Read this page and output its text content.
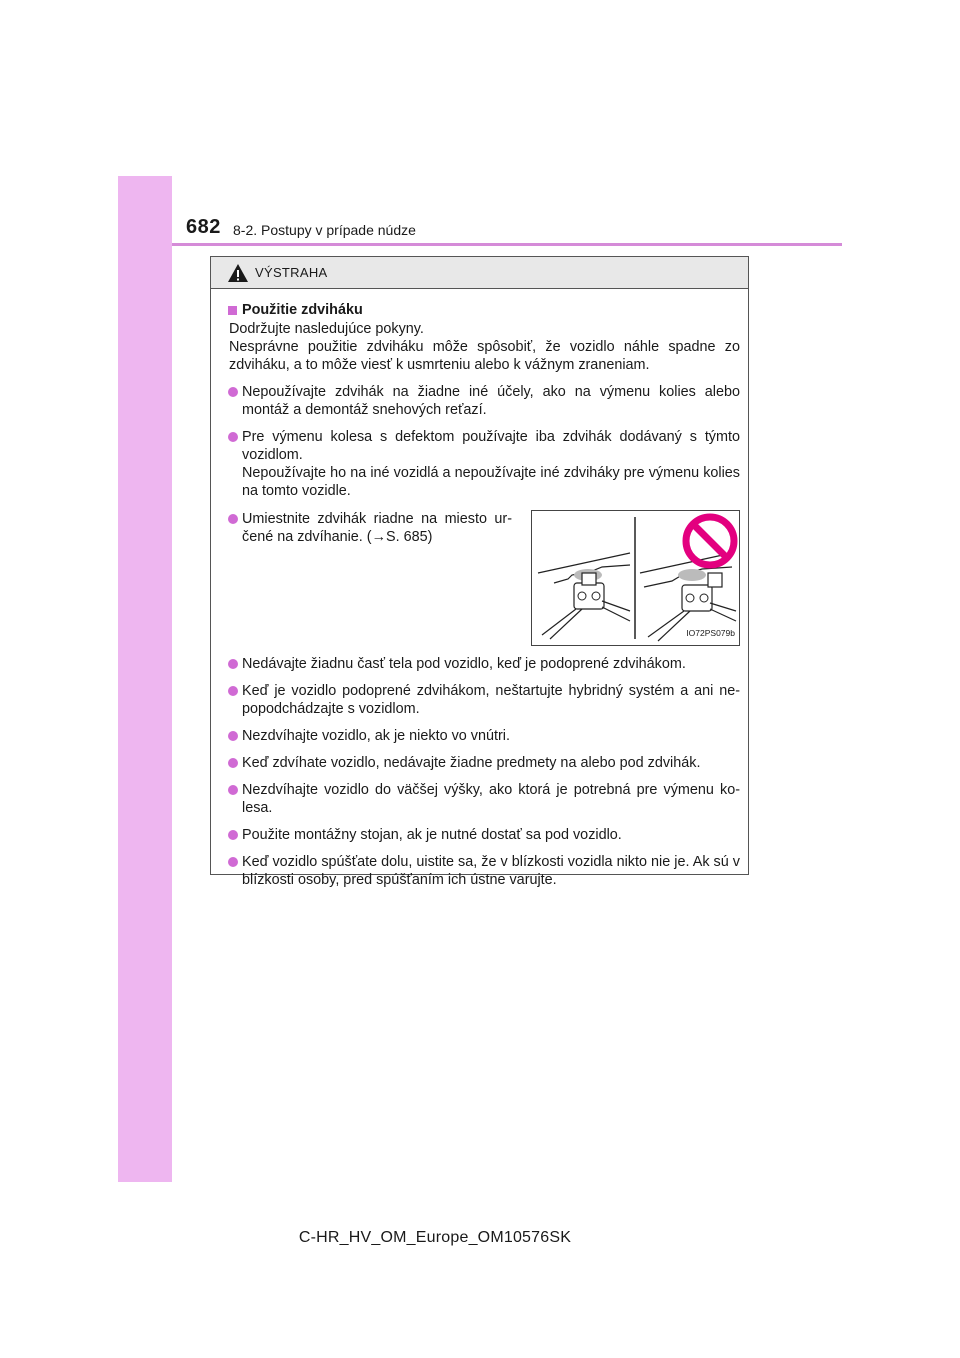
682 8-2. Postupy v prípade núdze
VÝSTRAHA
Použitie zdviháku
Dodržujte nasledujúce pokyny.
Nesprávne použitie zdviháku môže spôsobiť, že vozidlo náhle spadne zo zdviháku, a to môže viesť k usmrteniu alebo k vážnym zraneniam.
Nepoužívajte zdvihák na žiadne iné účely, ako na výmenu kolies alebo montáž a demontáž snehových reťazí.
Pre výmenu kolesa s defektom používajte iba zdvihák dodávaný s týmto vozidlom.
Nepoužívajte ho na iné vozidlá a nepoužívajte iné zdviháky pre výmenu kolies na tomto vozidle.
Umiestnite zdvihák riadne na miesto ur-čené na zdvíhanie. (→S. 685)
IO72PS079b
Nedávajte žiadnu časť tela pod vozidlo, keď je podoprené zdvihákom.
Keď je vozidlo podoprené zdvihákom, neštartujte hybridný systém a ani ne-popodchádzajte s vozidlom.
Nezdvíhajte vozidlo, ak je niekto vo vnútri.
Keď zdvíhate vozidlo, nedávajte žiadne predmety na alebo pod zdvihák.
Nezdvíhajte vozidlo do väčšej výšky, ako ktorá je potrebná pre výmenu ko-lesa.
Použite montážny stojan, ak je nutné dostať sa pod vozidlo.
Keď vozidlo spúšťate dolu, uistite sa, že v blízkosti vozidla nikto nie je. Ak sú v blízkosti osoby, pred spúšťaním ich ústne varujte.
C-HR_HV_OM_Europe_OM10576SK
